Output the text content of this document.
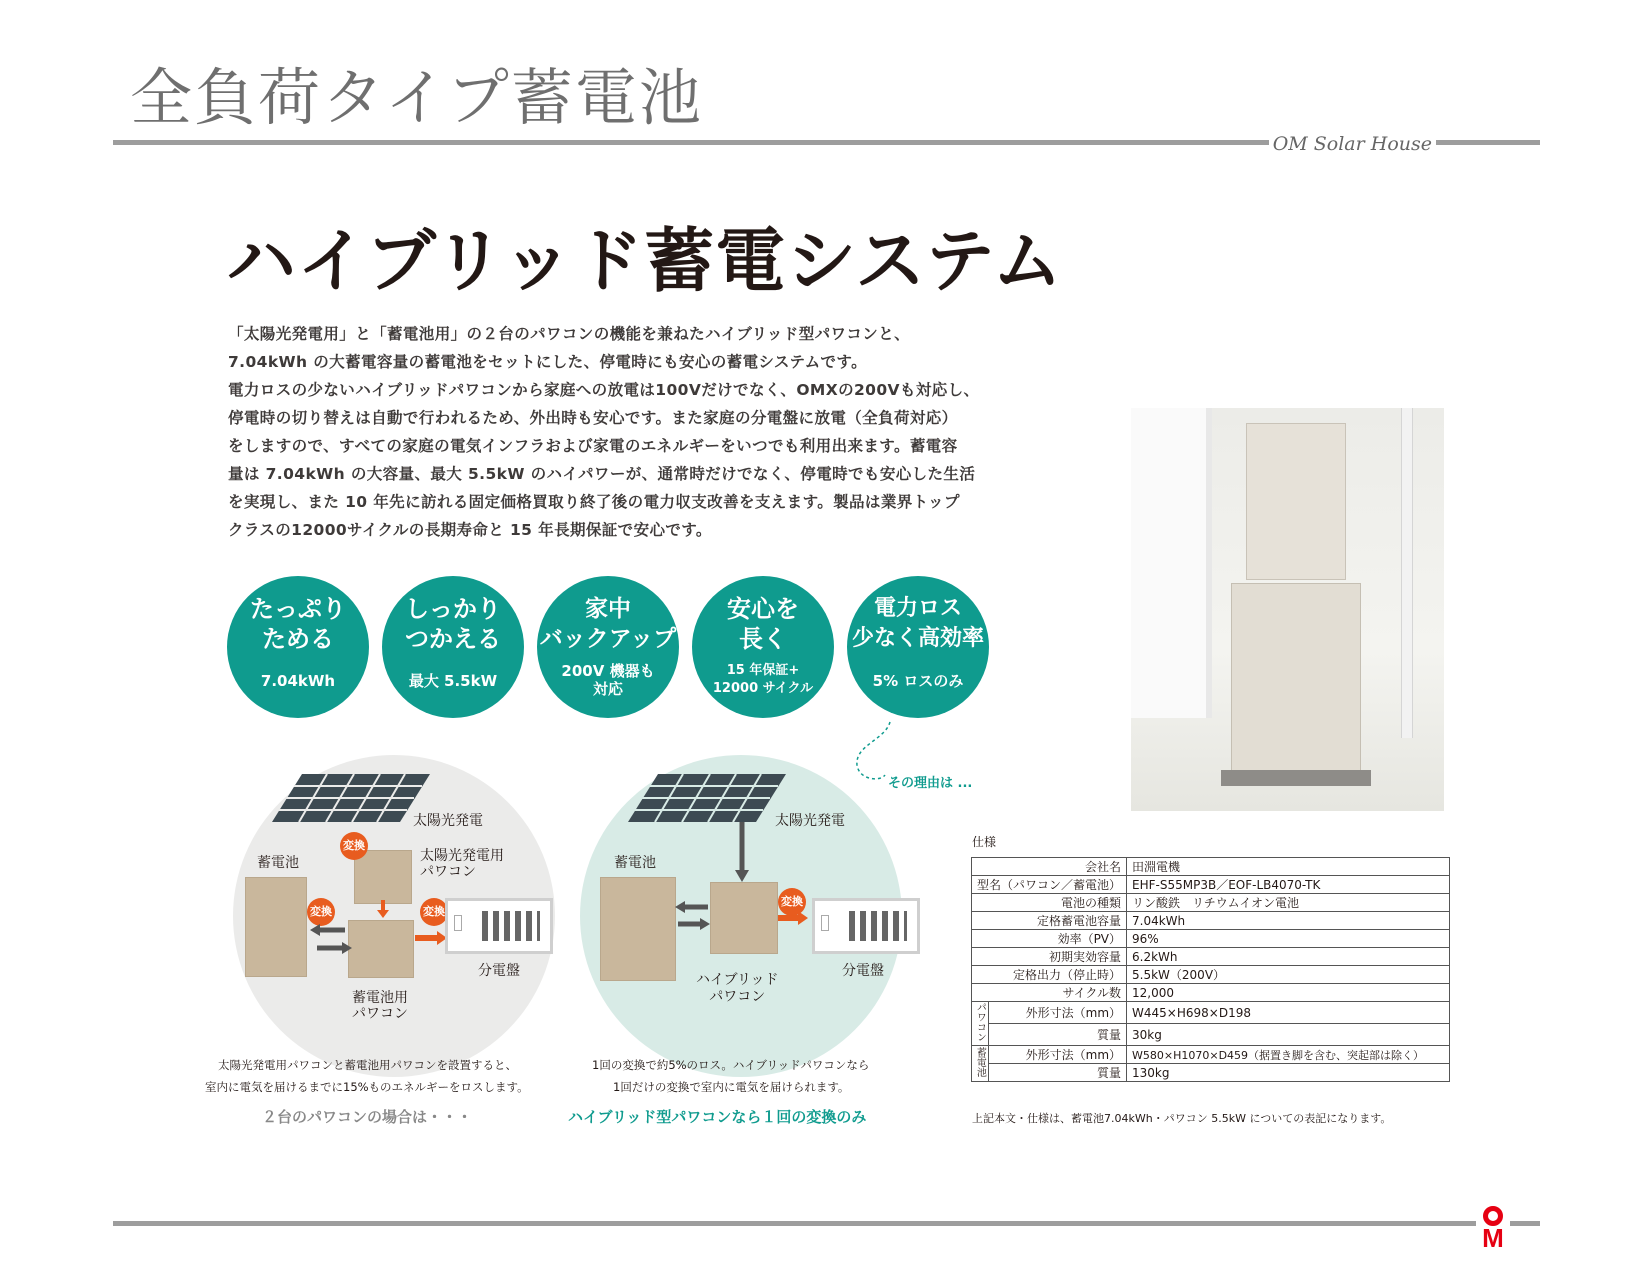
全負荷タイプ蓄電池
OM Solar House
ハイブリッド蓄電システム
「太陽光発電用」と「蓄電池用」の２台のパワコンの機能を兼ねたハイブリッド型パワコンと、
7.04kWh の大蓄電容量の蓄電池をセットにした、停電時にも安心の蓄電システムです。
電力ロスの少ないハイブリッドパワコンから家庭への放電は100Vだけでなく、OMXの200Vも対応し、
停電時の切り替えは自動で行われるため、外出時も安心です。また家庭の分電盤に放電（全負荷対応）
をしますので、すべての家庭の電気インフラおよび家電のエネルギーをいつでも利用出来ます。蓄電容
量は 7.04kWh の大容量、最大 5.5kW のハイパワーが、通常時だけでなく、停電時でも安心した生活
を実現し、また 10 年先に訪れる固定価格買取り終了後の電力収支改善を支えます。製品は業界トップ
クラスの12000サイクルの長期寿命と 15 年長期保証で安心です。
たっぷり
ためる
7.04kWh
しっかり
つかえる
最大 5.5kW
家中
バックアップ
200V 機器も
対応
安心を
長く
15 年保証+
12000 サイクル
電力ロス
少なく高効率
5% ロスのみ
その理由は ...
太陽光発電
蓄電池	太陽光発電用
パワコン
蓄電池用
パワコン
変換
変換	変換
分電盤
太陽光発電用パワコンと蓄電池用パワコンを設置すると、
室内に電気を届けるまでに15%ものエネルギーをロスします。
２台のパワコンの場合は・・・
太陽光発電
蓄電池
ハイブリッド
パワコン
変換
分電盤
1回の変換で約5%のロス。ハイブリッドパワコンなら
1回だけの変換で室内に電気を届けられます。
ハイブリッド型パワコンなら１回の変換のみ
仕様
会社名		田淵電機
型名（パワコン／蓄電池）		EHF-S55MP3B／EOF-LB4070-TK
電池の種類		リン酸鉄　リチウムイオン電池
定格蓄電池容量		7.04kWh
効率（PV）		96%
初期実効容量		6.2kWh
定格出力（停止時）		5.5kW（200V）
サイクル数		12,000
パワコン	外形寸法（mm）	W445×H698×D198
	質量	30kg
蓄電池	外形寸法（mm）	W580×H1070×D459（据置き脚を含む、突起部は除く）
	質量	130kg
上記本文・仕様は、蓄電池7.04kWh・パワコン 5.5kW についての表記になります。
M
